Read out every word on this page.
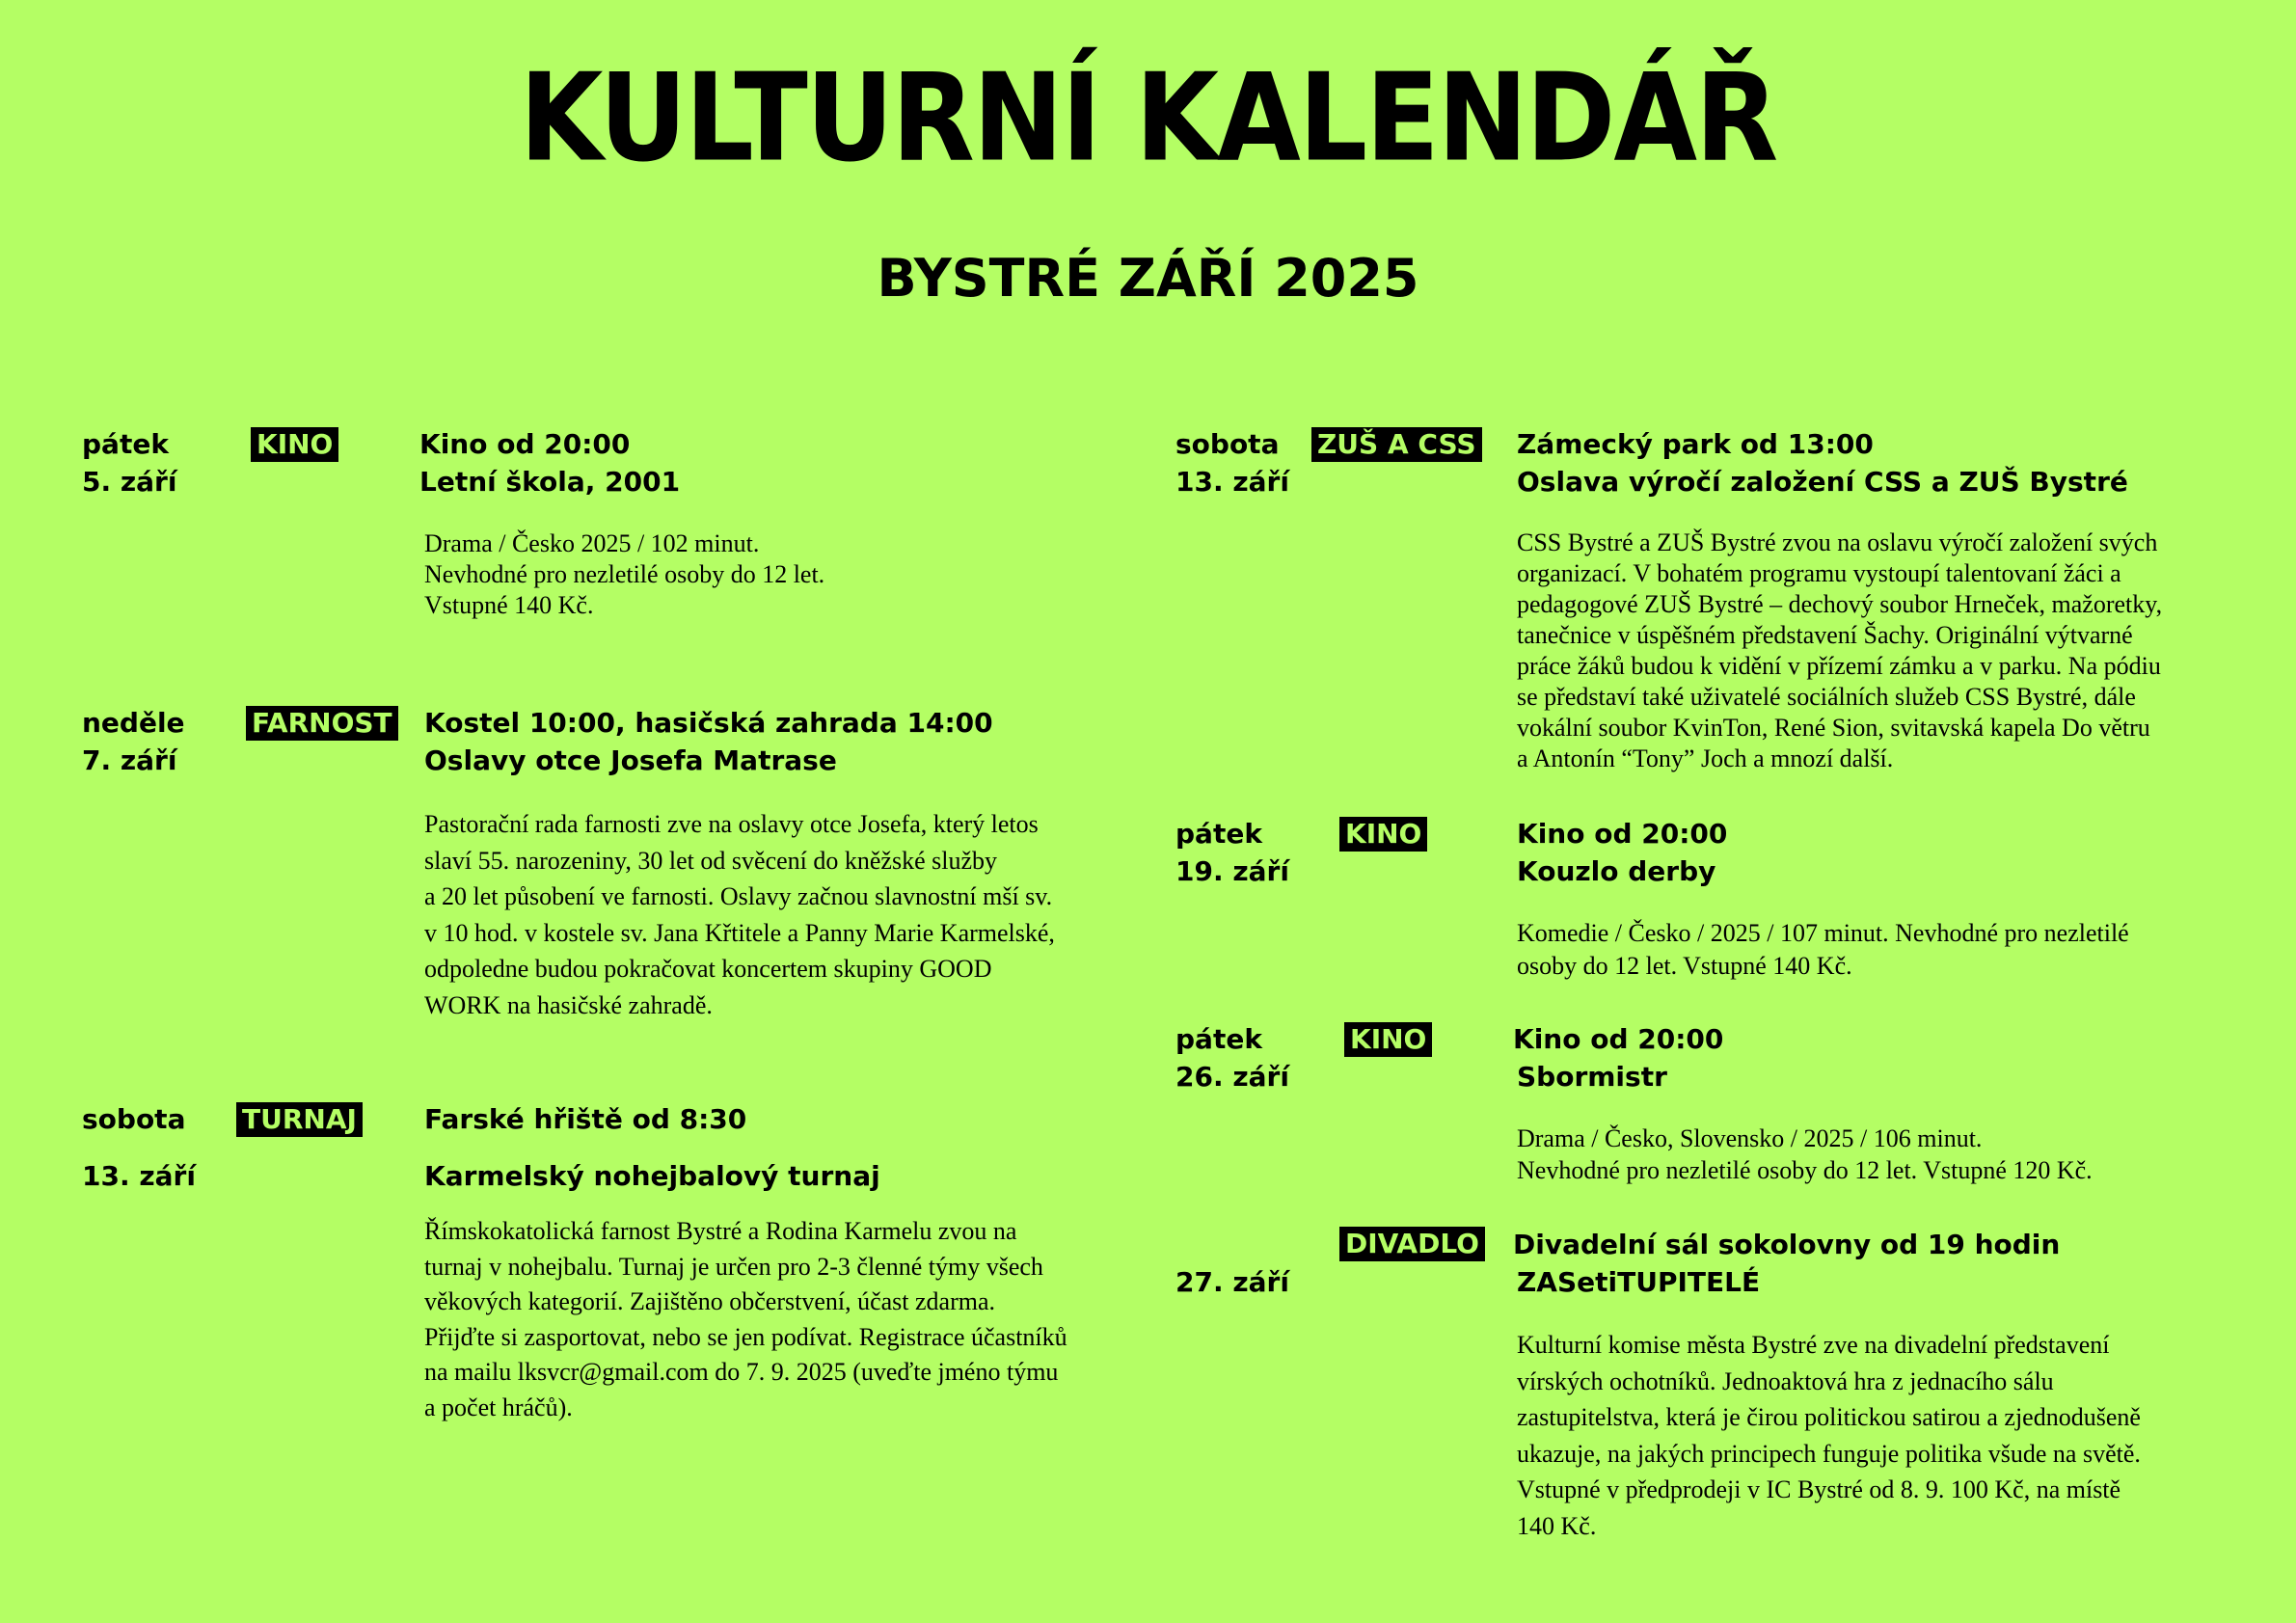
KULTURNÍ KALENDÁŘ
BYSTRÉ ZÁŘÍ 2025
pátek
5. září
KINO	Kino od 20:00
Letní škola, 2001

Drama / Česko 2025 / 102 minut.
Nevhodné pro nezletilé osoby do 12 let.
Vstupné 140 Kč.

neděle
7. září
FARNOST Kostel 10:00, hasičská zahrada 14:00
Oslavy otce Josefa Matrase

Pastorační rada farnosti zve na oslavy otce Josefa, který letos
slaví 55. narozeniny, 30 let od svěcení do kněžské služby
a 20 let působení ve farnosti. Oslavy začnou slavnostní mší sv.
v 10 hod. v kostele sv. Jana Křtitele a Panny Marie Karmelské,
odpoledne budou pokračovat koncertem skupiny GOOD
WORK na hasičské zahradě.

sobota
13. září
TURNAJ	Farské hřiště od 8:30
Karmelský nohejbalový turnaj

Římskokatolická farnost Bystré a Rodina Karmelu zvou na
turnaj v nohejbalu. Turnaj je určen pro 2-3 členné týmy všech
věkových kategorií. Zajištěno občerstvení, účast zdarma.
Přijďte si zasportovat, nebo se jen podívat. Registrace účastníků
na mailu lksvcr@gmail.com do 7. 9. 2025 (uveďte jméno týmu
a počet hráčů).

sobota
13. září
ZUŠ A CSS Zámecký park od 13:00
Oslava výročí založení CSS a ZUŠ Bystré

CSS Bystré a ZUŠ Bystré zvou na oslavu výročí založení svých
organizací. V bohatém programu vystoupí talentovaní žáci a
pedagogové ZUŠ Bystré – dechový soubor Hrneček, mažoretky,
tanečnice v úspěšném představení Šachy. Originální výtvarné
práce žáků budou k vidění v přízemí zámku a v parku. Na pódiu
se představí také uživatelé sociálních služeb CSS Bystré, dále
vokální soubor KvinTon, René Sion, svitavská kapela Do větru
a Antonín “Tony” Joch a mnozí další.

pátek
19. září
KINO	Kino od 20:00
Kouzlo derby

Komedie / Česko / 2025 / 107 minut. Nevhodné pro nezletilé
osoby do 12 let. Vstupné 140 Kč.

pátek
26. září
KINO	Kino od 20:00
Sbormistr

Drama / Česko, Slovensko / 2025 / 106 minut.
Nevhodné pro nezletilé osoby do 12 let. Vstupné 120 Kč.

27. září
DIVADLO Divadelní sál sokolovny od 19 hodin
ZASetiTUPITELÉ

Kulturní komise města Bystré zve na divadelní představení
vírských ochotníků. Jednoaktová hra z jednacího sálu
zastupitelstva, která je čirou politickou satirou a zjednodušeně
ukazuje, na jakých principech funguje politika všude na světě.
Vstupné v předprodeji v IC Bystré od 8. 9. 100 Kč, na místě
140 Kč.
